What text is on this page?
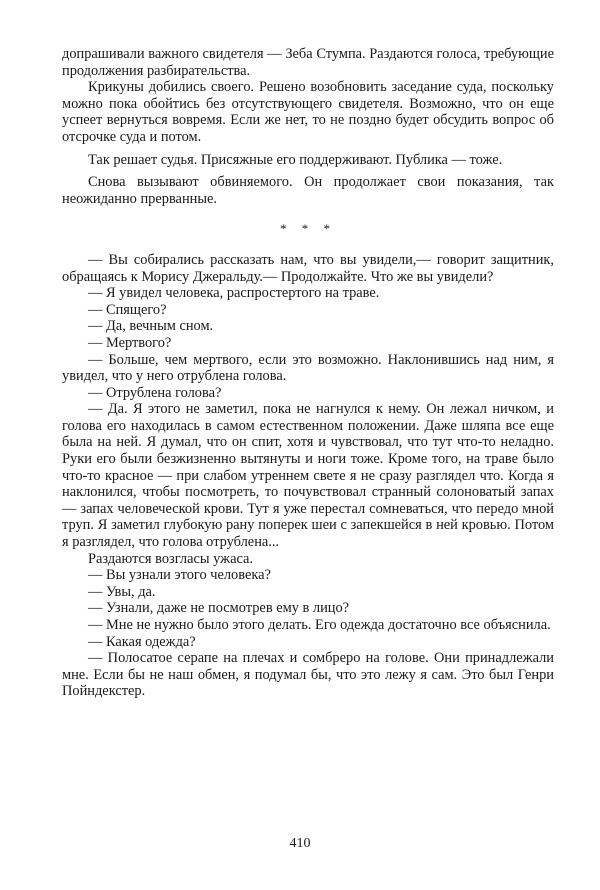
допрашивали важного свидетеля — Зеба Стумпа. Раздаются голоса, требующие продолжения разбирательства.

Крикуны добились своего. Решено возобновить заседание суда, поскольку можно пока обойтись без отсутствующего свидетеля. Возможно, что он еще успеет вернуться вовремя. Если же нет, то не поздно будет обсудить вопрос об отсрочке суда и потом.

Так решает судья. Присяжные его поддерживают. Публика — тоже.

Снова вызывают обвиняемого. Он продолжает свои показания, так неожиданно прерванные.

* * *

— Вы собирались рассказать нам, что вы увидели,— говорит защитник, обращаясь к Морису Джеральду.— Продолжайте. Что же вы увидели?

— Я увидел человека, распростертого на траве.

— Спящего?

— Да, вечным сном.

— Мертвого?

— Больше, чем мертвого, если это возможно. Наклонившись над ним, я увидел, что у него отрублена голова.

— Отрублена голова?

— Да. Я этого не заметил, пока не нагнулся к нему. Он лежал ничком, и голова его находилась в самом естественном положении. Даже шляпа все еще была на ней. Я думал, что он спит, хотя и чувствовал, что тут что-то неладно. Руки его были безжизненно вытянуты и ноги тоже. Кроме того, на траве было что-то красное — при слабом утреннем свете я не сразу разглядел что. Когда я наклонился, чтобы посмотреть, то почувствовал странный солоноватый запах — запах человеческой крови. Тут я уже перестал сомневаться, что передо мной труп. Я заметил глубокую рану поперек шеи с запекшейся в ней кровью. Потом я разглядел, что голова отрублена...

Раздаются возгласы ужаса.

— Вы узнали этого человека?

— Увы, да.

— Узнали, даже не посмотрев ему в лицо?

— Мне не нужно было этого делать. Его одежда достаточно все объяснила.

— Какая одежда?

— Полосатое серапе на плечах и сомбреро на голове. Они принадлежали мне. Если бы не наш обмен, я подумал бы, что это лежу я сам. Это был Генри Пойндекстер.

410
